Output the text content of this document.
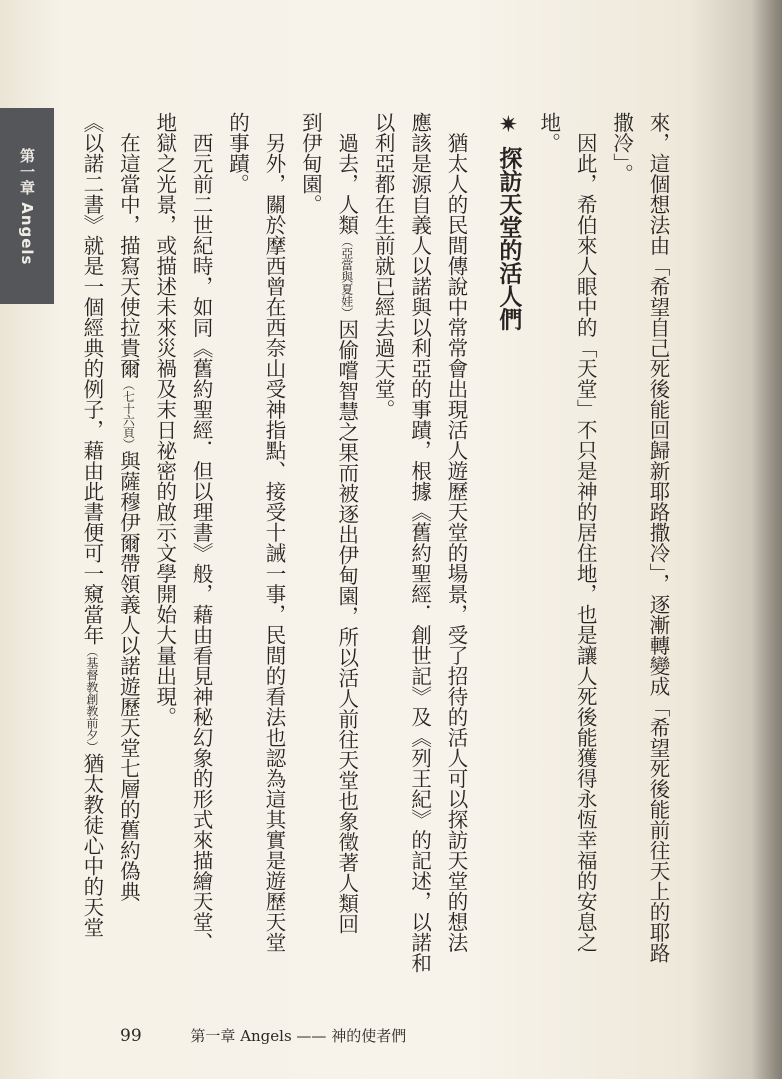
第一章 Angels	來，這個想法由「希望自己死後能回歸新耶路撒冷」，逐漸轉變成「希望死後能前往天上的耶路

撒冷」。

　因此，希伯來人眼中的「天堂」不只是神的居住地，也是讓人死後能獲得永恆幸福的安息之

地。

✷ 探訪天堂的活人們

　猶太人的民間傳說中常常會出現活人遊歷天堂的場景，受了招待的活人可以探訪天堂的想法

應該是源自義人以諾與以利亞的事蹟，根據《舊約聖經．創世記》及《列王紀》的記述，以諾和

以利亞都在生前就已經去過天堂。

　過去，人類（亞當與夏娃）因偷嚐智慧之果而被逐出伊甸園，所以活人前往天堂也象徵著人類回

到伊甸園。

　另外，關於摩西曾在西奈山受神指點、接受十誡一事，民間的看法也認為這其實是遊歷天堂

的事蹟。

　西元前二世紀時，如同《舊約聖經．但以理書》般，藉由看見神秘幻象的形式來描繪天堂、

地獄之光景，或描述未來災禍及末日祕密的啟示文學開始大量出現。

　在這當中，描寫天使拉貴爾（七十六頁）與薩穆伊爾帶領義人以諾遊歷天堂七層的舊約偽典

《以諾二書》就是一個經典的例子，藉由此書便可一窺當年（基督教創教前夕）猶太教徒心中的天堂

99	第一章 Angels —— 神的使者們
